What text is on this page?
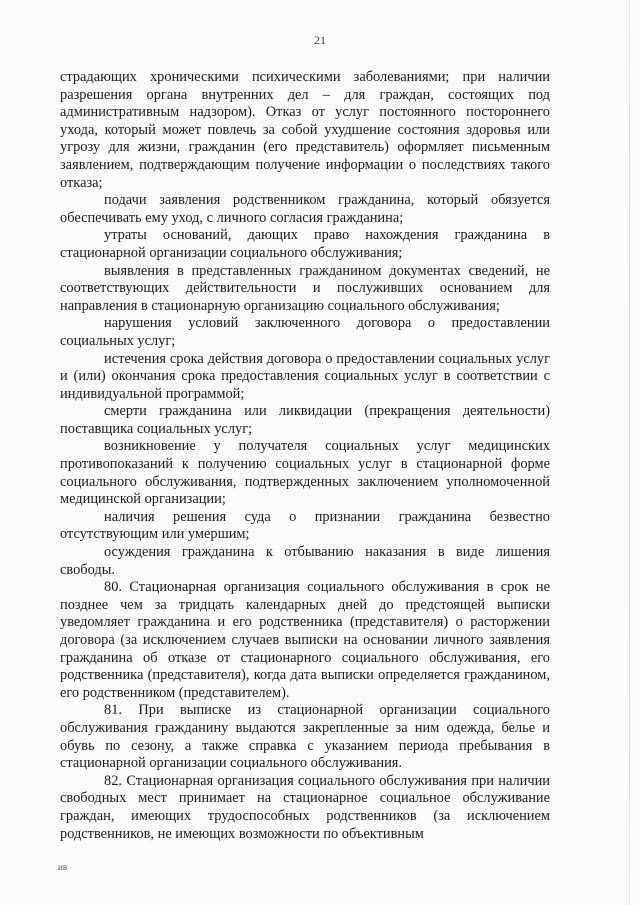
21

страдающих хроническими психическими заболеваниями; при наличии разрешения органа внутренних дел – для граждан, состоящих под административным надзором). Отказ от услуг постоянного постороннего ухода, который может повлечь за собой ухудшение состояния здоровья или угрозу для жизни, гражданин (его представитель) оформляет письменным заявлением, подтверждающим получение информации о последствиях такого отказа;

подачи заявления родственником гражданина, который обязуется обеспечивать ему уход, с личного согласия гражданина;

утраты оснований, дающих право нахождения гражданина в стационарной организации социального обслуживания;

выявления в представленных гражданином документах сведений, не соответствующих действительности и послуживших основанием для направления в стационарную организацию социального обслуживания;

нарушения условий заключенного договора о предоставлении социальных услуг;

истечения срока действия договора о предоставлении социальных услуг и (или) окончания срока предоставления социальных услуг в соответствии с индивидуальной программой;

смерти гражданина или ликвидации (прекращения деятельности) поставщика социальных услуг;

возникновение у получателя социальных услуг медицинских противопоказаний к получению социальных услуг в стационарной форме социального обслуживания, подтвержденных заключением уполномоченной медицинской организации;

наличия решения суда о признании гражданина безвестно отсутствующим или умершим;

осуждения гражданина к отбыванию наказания в виде лишения свободы.

80. Стационарная организация социального обслуживания в срок не позднее чем за тридцать календарных дней до предстоящей выписки уведомляет гражданина и его родственника (представителя) о расторжении договора (за исключением случаев выписки на основании личного заявления гражданина об отказе от стационарного социального обслуживания, его родственника (представителя), когда дата выписки определяется гражданином, его родственником (представителем).

81. При выписке из стационарной организации социального обслуживания гражданину выдаются закрепленные за ним одежда, белье и обувь по сезону, а также справка с указанием периода пребывания в стационарной организации социального обслуживания.

82. Стационарная организация социального обслуживания при наличии свободных мест принимает на стационарное социальное обслуживание граждан, имеющих трудоспособных родственников (за исключением родственников, не имеющих возможности по объективным

ив
